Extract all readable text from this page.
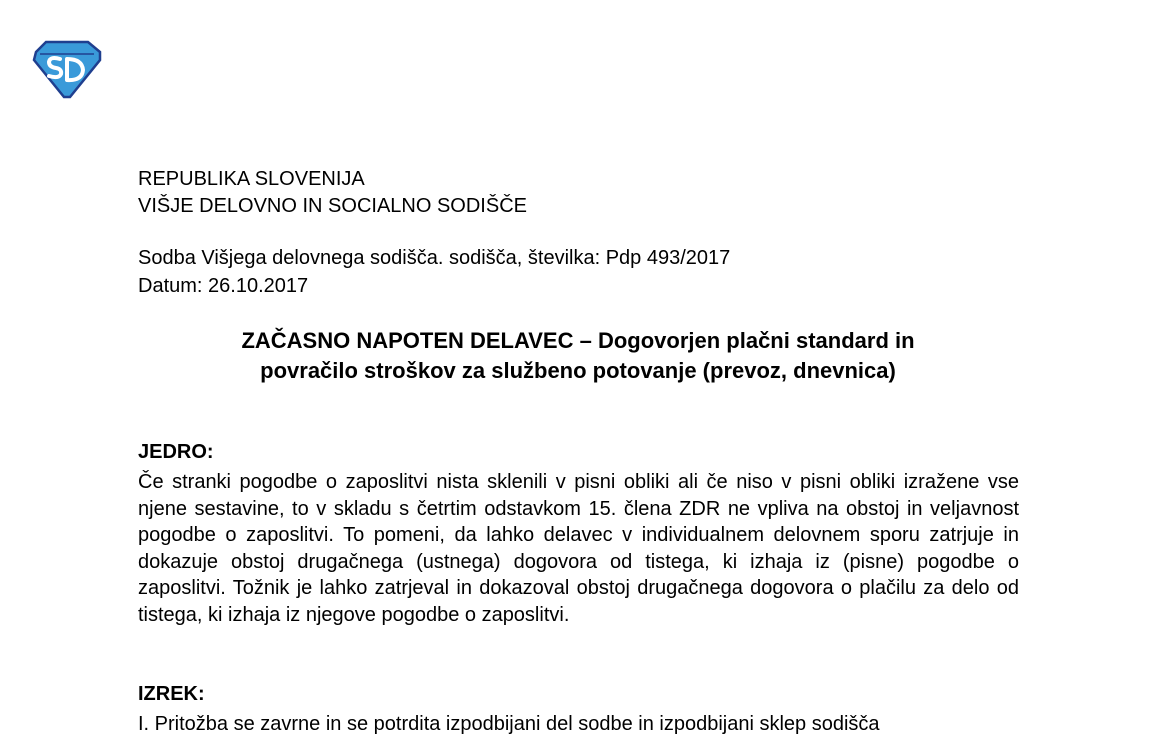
REPUBLIKA SLOVENIJA
VIŠJE DELOVNO IN SOCIALNO SODIŠČE
Sodba Višjega delovnega sodišča. sodišča, številka: Pdp 493/2017
Datum: 26.10.2017
ZAČASNO NAPOTEN DELAVEC – Dogovorjen plačni standard in
povračilo stroškov za službeno potovanje (prevoz, dnevnica)
JEDRO:

Če stranki pogodbe o zaposlitvi nista sklenili v pisni obliki ali če niso v pisni obliki izražene vse njene sestavine, to v skladu s četrtim odstavkom 15. člena ZDR ne vpliva na obstoj in veljavnost pogodbe o zaposlitvi. To pomeni, da lahko delavec v individualnem delovnem sporu zatrjuje in dokazuje obstoj drugačnega (ustnega) dogovora od tistega, ki izhaja iz (pisne) pogodbe o zaposlitvi. Tožnik je lahko zatrjeval in dokazoval obstoj drugačnega dogovora o plačilu za delo od tistega, ki izhaja iz njegove pogodbe o zaposlitvi.

IZREK:

I. Pritožba se zavrne in se potrdita izpodbijani del sodbe in izpodbijani sklep sodišča
